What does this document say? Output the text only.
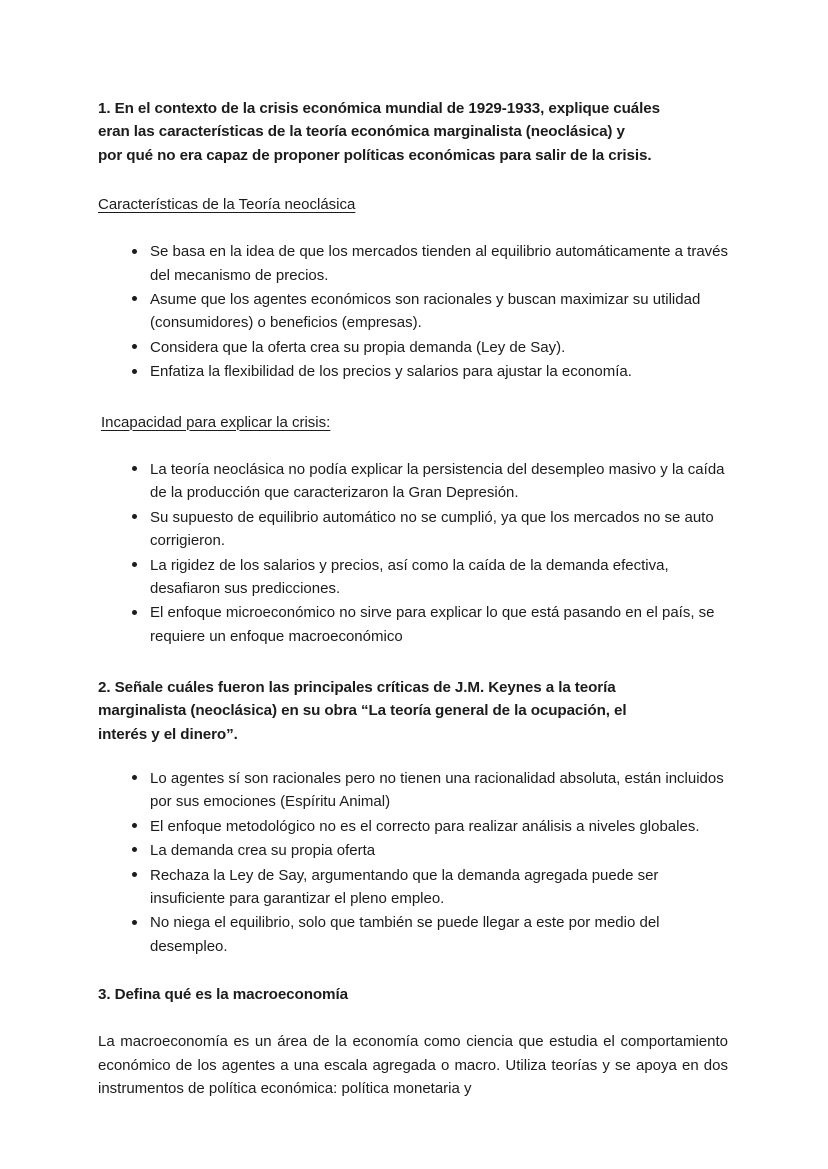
1. En el contexto de la crisis económica mundial de 1929-1933, explique cuáles
eran las características de la teoría económica marginalista (neoclásica) y
por qué no era capaz de proponer políticas económicas para salir de la crisis.
Características de la Teoría neoclásica
Se basa en la idea de que los mercados tienden al equilibrio automáticamente a través del mecanismo de precios.
Asume que los agentes económicos son racionales y buscan maximizar su utilidad (consumidores) o beneficios (empresas).
Considera que la oferta crea su propia demanda (Ley de Say).
Enfatiza la flexibilidad de los precios y salarios para ajustar la economía.
Incapacidad para explicar la crisis:
La teoría neoclásica no podía explicar la persistencia del desempleo masivo y la caída de la producción que caracterizaron la Gran Depresión.
Su supuesto de equilibrio automático no se cumplió, ya que los mercados no se auto corrigieron.
La rigidez de los salarios y precios, así como la caída de la demanda efectiva, desafiaron sus predicciones.
El enfoque microeconómico no sirve para explicar lo que está pasando en el país, se requiere un enfoque macroeconómico
2. Señale cuáles fueron las principales críticas de J.M. Keynes a la teoría
marginalista (neoclásica) en su obra “La teoría general de la ocupación, el
interés y el dinero”.
Lo agentes sí son racionales pero no tienen una racionalidad absoluta, están incluidos por sus emociones (Espíritu Animal)
El enfoque metodológico no es el correcto para realizar análisis a niveles globales.
La demanda crea su propia oferta
Rechaza la Ley de Say, argumentando que la demanda agregada puede ser insuficiente para garantizar el pleno empleo.
No niega el equilibrio, solo que también se puede llegar a este por medio del desempleo.
3. Defina qué es la macroeconomía

La macroeconomía es un área de la economía como ciencia que estudia el comportamiento económico de los agentes a una escala agregada o macro. Utiliza teorías y se apoya en dos instrumentos de política económica: política monetaria y
